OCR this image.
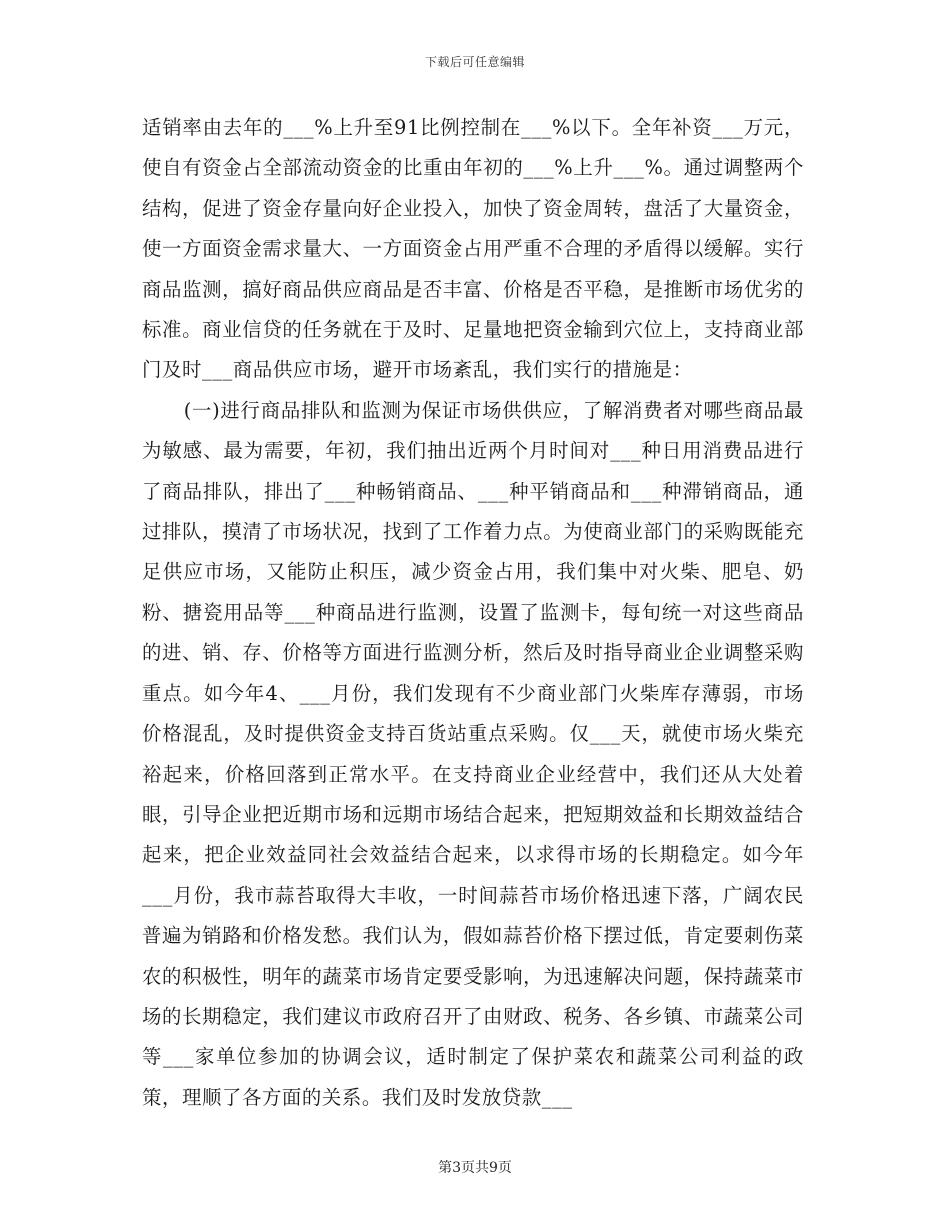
下载后可任意编辑

适销率由去年的___%上升至91比例控制在___%以下。全年补资___万元，使自有资金占全部流动资金的比重由年初的___%上升___%。通过调整两个结构，促进了资金存量向好企业投入，加快了资金周转，盘活了大量资金，使一方面资金需求量大、一方面资金占用严重不合理的矛盾得以缓解。实行商品监测，搞好商品供应商品是否丰富、价格是否平稳，是推断市场优劣的标准。商业信贷的任务就在于及时、足量地把资金输到穴位上，支持商业部门及时___商品供应市场，避开市场紊乱，我们实行的措施是：

(一)进行商品排队和监测为保证市场供供应，了解消费者对哪些商品最为敏感、最为需要，年初，我们抽出近两个月时间对___种日用消费品进行了商品排队，排出了___种畅销商品、___种平销商品和___种滞销商品，通过排队，摸清了市场状况，找到了工作着力点。为使商业部门的采购既能充足供应市场，又能防止积压，减少资金占用，我们集中对火柴、肥皂、奶粉、搪瓷用品等___种商品进行监测，设置了监测卡，每旬统一对这些商品的进、销、存、价格等方面进行监测分析，然后及时指导商业企业调整采购重点。如今年4、___月份，我们发现有不少商业部门火柴库存薄弱，市场价格混乱，及时提供资金支持百货站重点采购。仅___天，就使市场火柴充裕起来，价格回落到正常水平。在支持商业企业经营中，我们还从大处着眼，引导企业把近期市场和远期市场结合起来，把短期效益和长期效益结合起来，把企业效益同社会效益结合起来，以求得市场的长期稳定。如今年___月份，我市蒜苔取得大丰收，一时间蒜苔市场价格迅速下落，广阔农民普遍为销路和价格发愁。我们认为，假如蒜苔价格下摆过低，肯定要刺伤菜农的积极性，明年的蔬菜市场肯定要受影响，为迅速解决问题，保持蔬菜市场的长期稳定，我们建议市政府召开了由财政、税务、各乡镇、市蔬菜公司等___家单位参加的协调会议，适时制定了保护菜农和蔬菜公司利益的政策，理顺了各方面的关系。我们及时发放贷款___

第3页共9页
